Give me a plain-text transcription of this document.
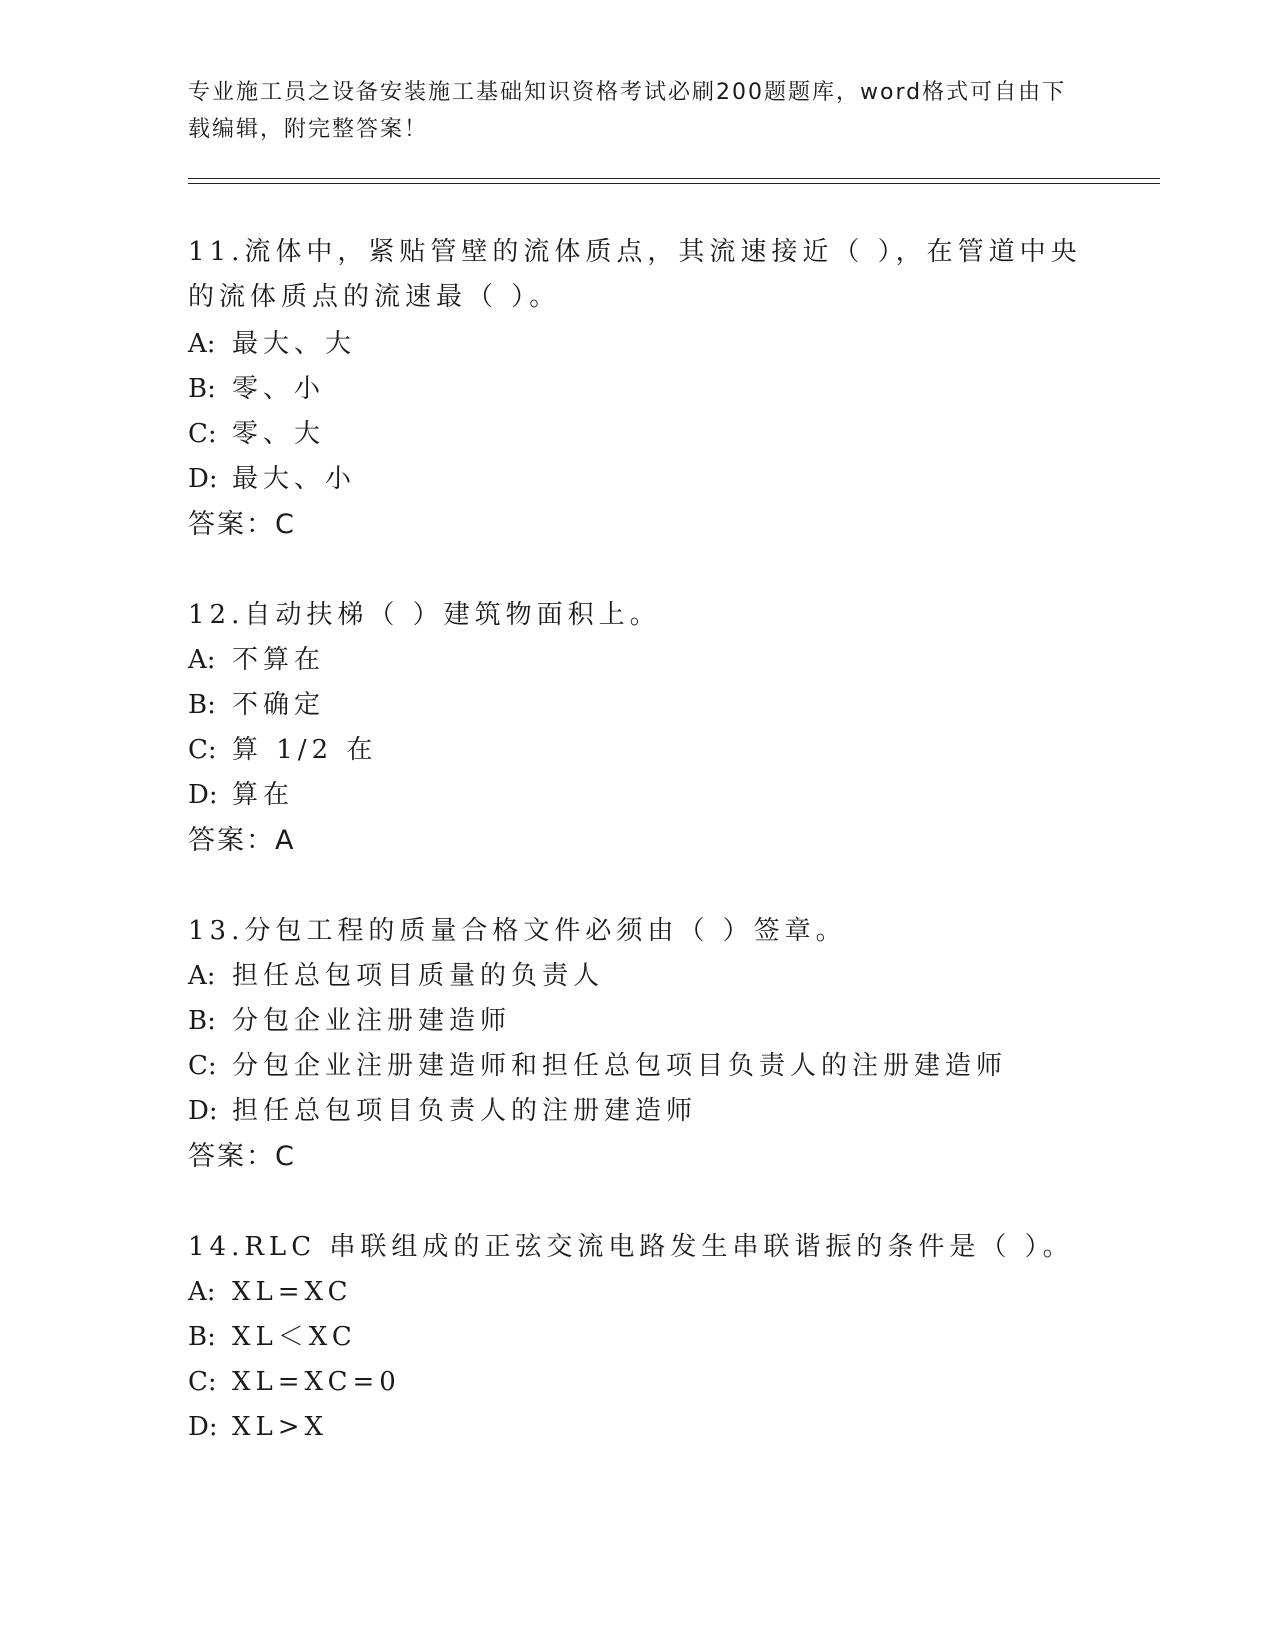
专业施工员之设备安装施工基础知识资格考试必刷200题题库，word格式可自由下载编辑，附完整答案！
11.流体中，紧贴管壁的流体质点，其流速接近（ ），在管道中央的流体质点的流速最（ ）。
A: 最大、大
B: 零、小
C: 零、大
D: 最大、小
答案：C
12.自动扶梯（ ）建筑物面积上。
A: 不算在
B: 不确定
C: 算 1/2 在
D: 算在
答案：A
13.分包工程的质量合格文件必须由（ ）签章。
A: 担任总包项目质量的负责人
B: 分包企业注册建造师
C: 分包企业注册建造师和担任总包项目负责人的注册建造师
D: 担任总包项目负责人的注册建造师
答案：C
14.RLC 串联组成的正弦交流电路发生串联谐振的条件是（ ）。
A: XL=XC
B: XL＜XC
C: XL=XC=0
D: XL>X
